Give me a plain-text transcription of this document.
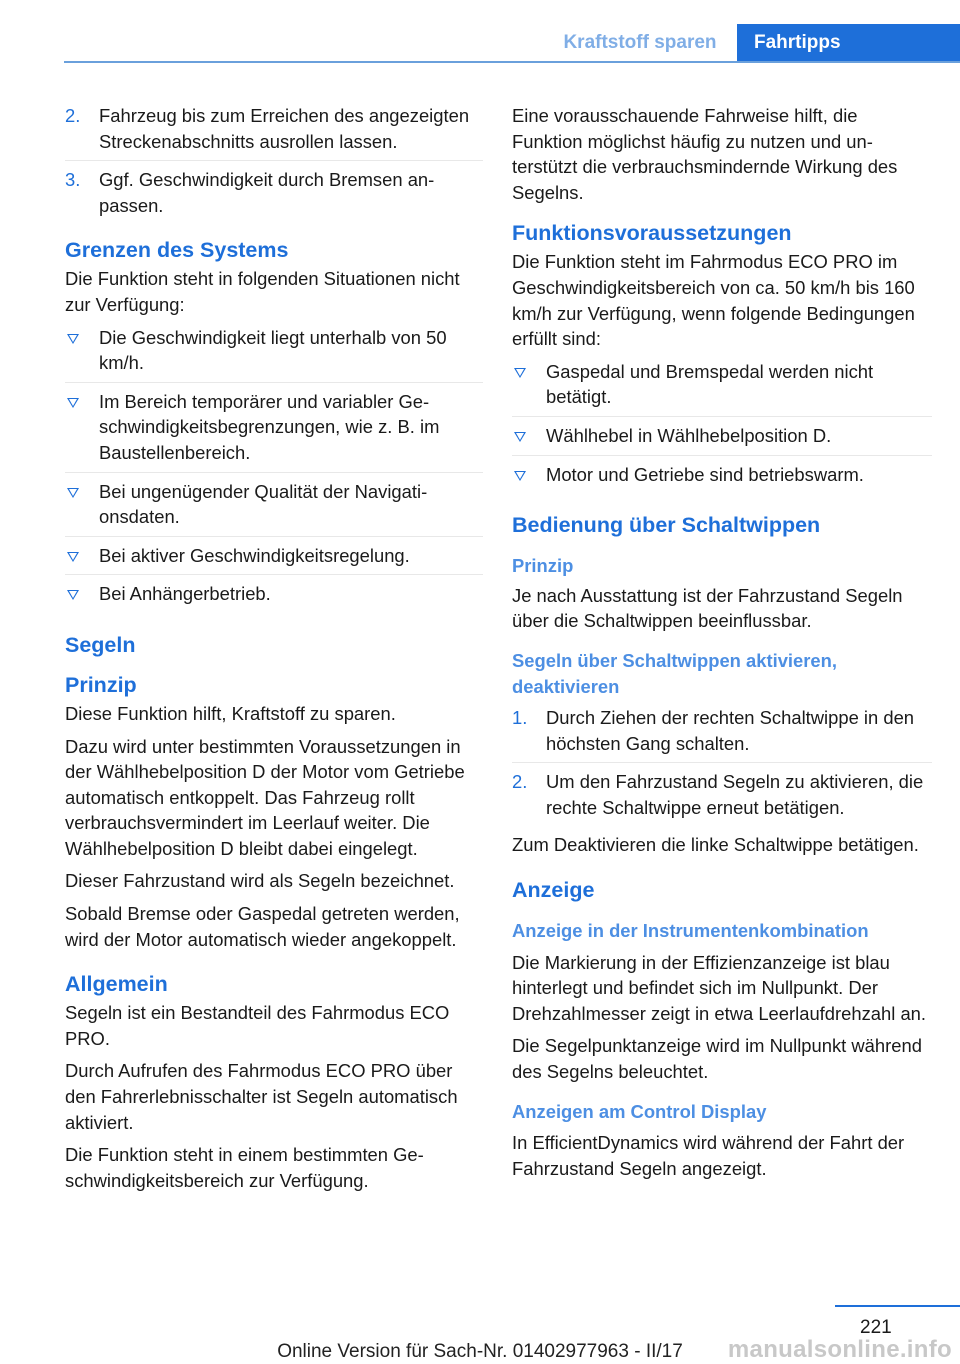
Kraftstoff sparen	Fahrtipps
2. Fahrzeug bis zum Erreichen des angezeigten Streckenabschnitts ausrollen lassen.
3. Ggf. Geschwindigkeit durch Bremsen anpassen.
Grenzen des Systems

Die Funktion steht in folgenden Situationen nicht zur Verfügung:

Die Geschwindigkeit liegt unterhalb von 50 km/h.
Im Bereich temporärer und variabler Geschwindigkeitsbegrenzungen, wie z. B. im Baustellenbereich.
Bei ungenügender Qualität der Navigationsdaten.
Bei aktiver Geschwindigkeitsregelung.
Bei Anhängerbetrieb.
Segeln
Prinzip

Diese Funktion hilft, Kraftstoff zu sparen.

Dazu wird unter bestimmten Voraussetzungen in der Wählhebelposition D der Motor vom Getriebe automatisch entkoppelt. Das Fahrzeug rollt verbrauchsvermindert im Leerlauf weiter. Die Wählhebelposition D bleibt dabei eingelegt.

Dieser Fahrzustand wird als Segeln bezeichnet.

Sobald Bremse oder Gaspedal getreten werden, wird der Motor automatisch wieder angekoppelt.

Allgemein

Segeln ist ein Bestandteil des Fahrmodus ECO PRO.

Durch Aufrufen des Fahrmodus ECO PRO über den Fahrerlebnisschalter ist Segeln automatisch aktiviert.

Die Funktion steht in einem bestimmten Geschwindigkeitsbereich zur Verfügung.

Eine vorausschauende Fahrweise hilft, die Funktion möglichst häufig zu nutzen und unterstützt die verbrauchsmindernde Wirkung des Segelns.

Funktionsvoraussetzungen

Die Funktion steht im Fahrmodus ECO PRO im Geschwindigkeitsbereich von ca. 50 km/h bis 160 km/h zur Verfügung, wenn folgende Bedingungen erfüllt sind:

Gaspedal und Bremspedal werden nicht betätigt.
Wählhebel in Wählhebelposition D.
Motor und Getriebe sind betriebswarm.
Bedienung über Schaltwippen
Prinzip

Je nach Ausstattung ist der Fahrzustand Segeln über die Schaltwippen beeinflussbar.

Segeln über Schaltwippen aktivieren, deaktivieren
1. Durch Ziehen der rechten Schaltwippe in den höchsten Gang schalten.
2. Um den Fahrzustand Segeln zu aktivieren, die rechte Schaltwippe erneut betätigen.

Zum Deaktivieren die linke Schaltwippe betätigen.

Anzeige
Anzeige in der Instrumentenkombination

Die Markierung in der Effizienzanzeige ist blau hinterlegt und befindet sich im Nullpunkt. Der Drehzahlmesser zeigt in etwa Leerlaufdrehzahl an.

Die Segelpunktanzeige wird im Nullpunkt während des Segelns beleuchtet.

Anzeigen am Control Display

In EfficientDynamics wird während der Fahrt der Fahrzustand Segeln angezeigt.

221
Online Version für Sach-Nr. 01402977963 - II/17	manualsonline.info
